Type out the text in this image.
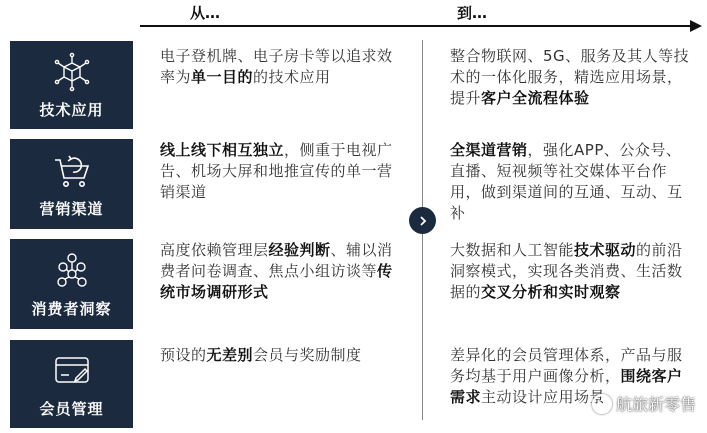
从…	到…
技术应用
电子登机牌、电子房卡等以追求效率为单一目的的技术应用
整合物联网、5G、服务及其人等技术的一体化服务，精选应用场景，提升客户全流程体验
营销渠道
线上线下相互独立，侧重于电视广告、机场大屏和地推宣传的单一营销渠道
全渠道营销，强化APP、公众号、直播、短视频等社交媒体平台作用，做到渠道间的互通、互动、互补
消费者洞察
高度依赖管理层经验判断、辅以消费者问卷调查、焦点小组访谈等传统市场调研形式
大数据和人工智能技术驱动的前沿洞察模式，实现各类消费、生活数据的交叉分析和实时观察
会员管理
预设的无差别会员与奖励制度	差异化的会员管理体系，产品与服务均基于用户画像分析，围绕客户需求主动设计应用场景 航旅新零售
